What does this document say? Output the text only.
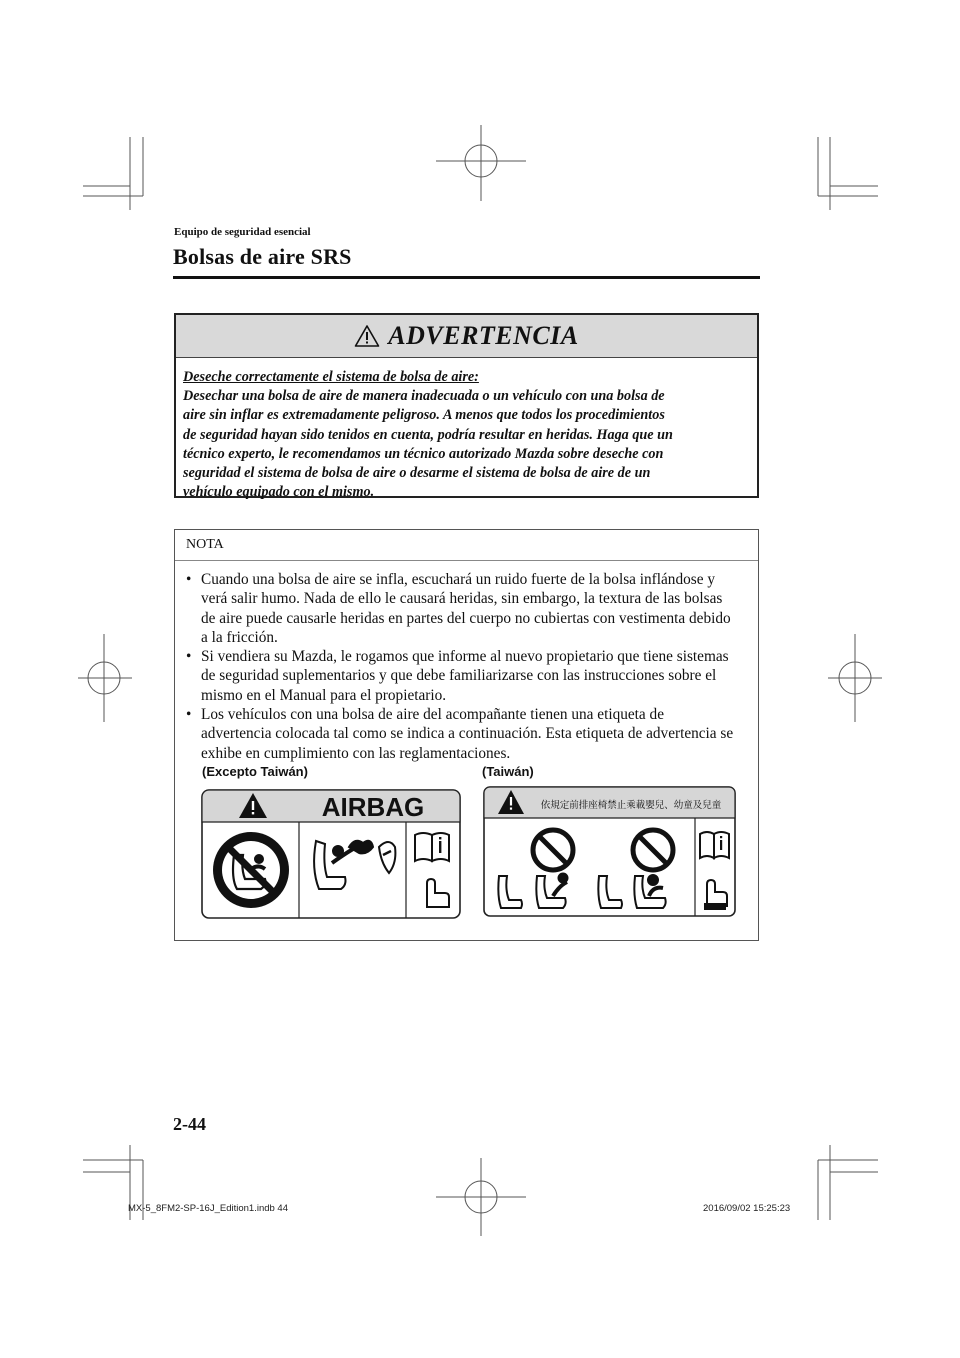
Equipo de seguridad esencial
Bolsas de aire SRS
ADVERTENCIA
Deseche correctamente el sistema de bolsa de aire:
Desechar una bolsa de aire de manera inadecuada o un vehículo con una bolsa de
aire sin inflar es extremadamente peligroso. A menos que todos los procedimientos
de seguridad hayan sido tenidos en cuenta, podría resultar en heridas. Haga que un
técnico experto, le recomendamos un técnico autorizado Mazda sobre deseche con
seguridad el sistema de bolsa de aire o desarme el sistema de bolsa de aire de un
vehículo equipado con el mismo.
NOTA
• Cuando una bolsa de aire se infla, escuchará un ruido fuerte de la bolsa inflándose y
verá salir humo. Nada de ello le causará heridas, sin embargo, la textura de las bolsas
de aire puede causarle heridas en partes del cuerpo no cubiertas con vestimenta debido
a la fricción.
• Si vendiera su Mazda, le rogamos que informe al nuevo propietario que tiene sistemas
de seguridad suplementarios y que debe familiarizarse con las instrucciones sobre el
mismo en el Manual para el propietario.
• Los vehículos con una bolsa de aire del acompañante tienen una etiqueta de
advertencia colocada tal como se indica a continuación. Esta etiqueta de advertencia se
exhibe en cumplimiento con las reglamentaciones.
(Excepto Taiwán)	(Taiwán)
AIRBAG	依規定前排座椅禁止乘載嬰兒、幼童及兒童
2-44
MX-5_8FM2-SP-16J_Edition1.indb 44	2016/09/02 15:25:23
